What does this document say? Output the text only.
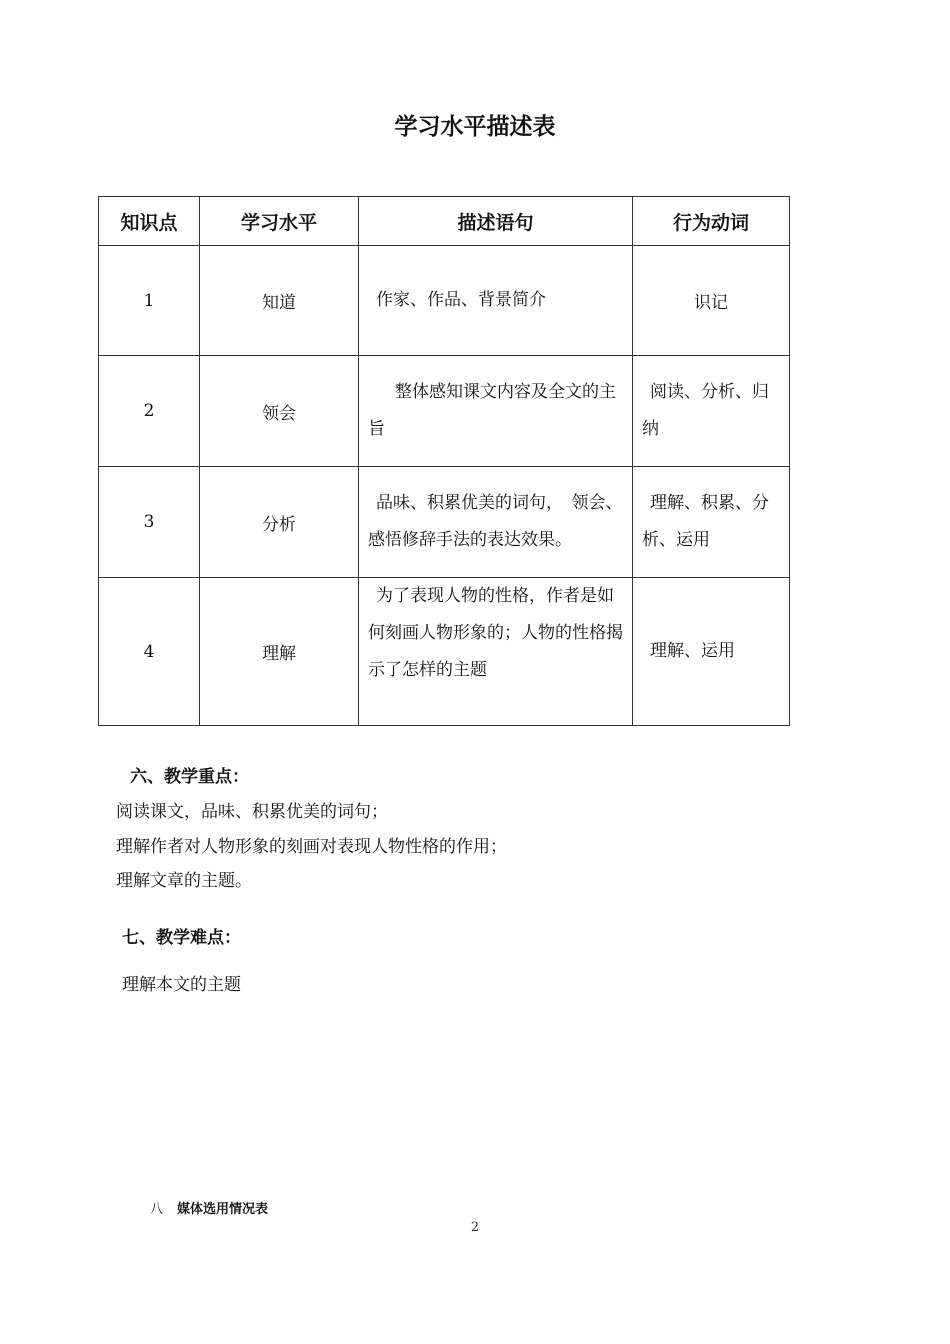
学习水平描述表
知识点	学习水平	描述语句	行为动词
1	知道	作家、作品、背景简介	识记
2	领会	整体感知课文内容及全文的主旨	阅读、分析、归纳

3	分析	品味、积累优美的词句，　领会、感悟修辞手法的表达效果。	理解、积累、分析、运用

4	理解	为了表现人物的性格，作者是如何刻画人物形象的；人物的性格揭示了怎样的主题	理解、运用
六、教学重点：
阅读课文，品味、积累优美的词句；
理解作者对人物形象的刻画对表现人物性格的作用；
理解文章的主题。
七、教学难点：
理解本文的主题
八 媒体选用情况表
2
